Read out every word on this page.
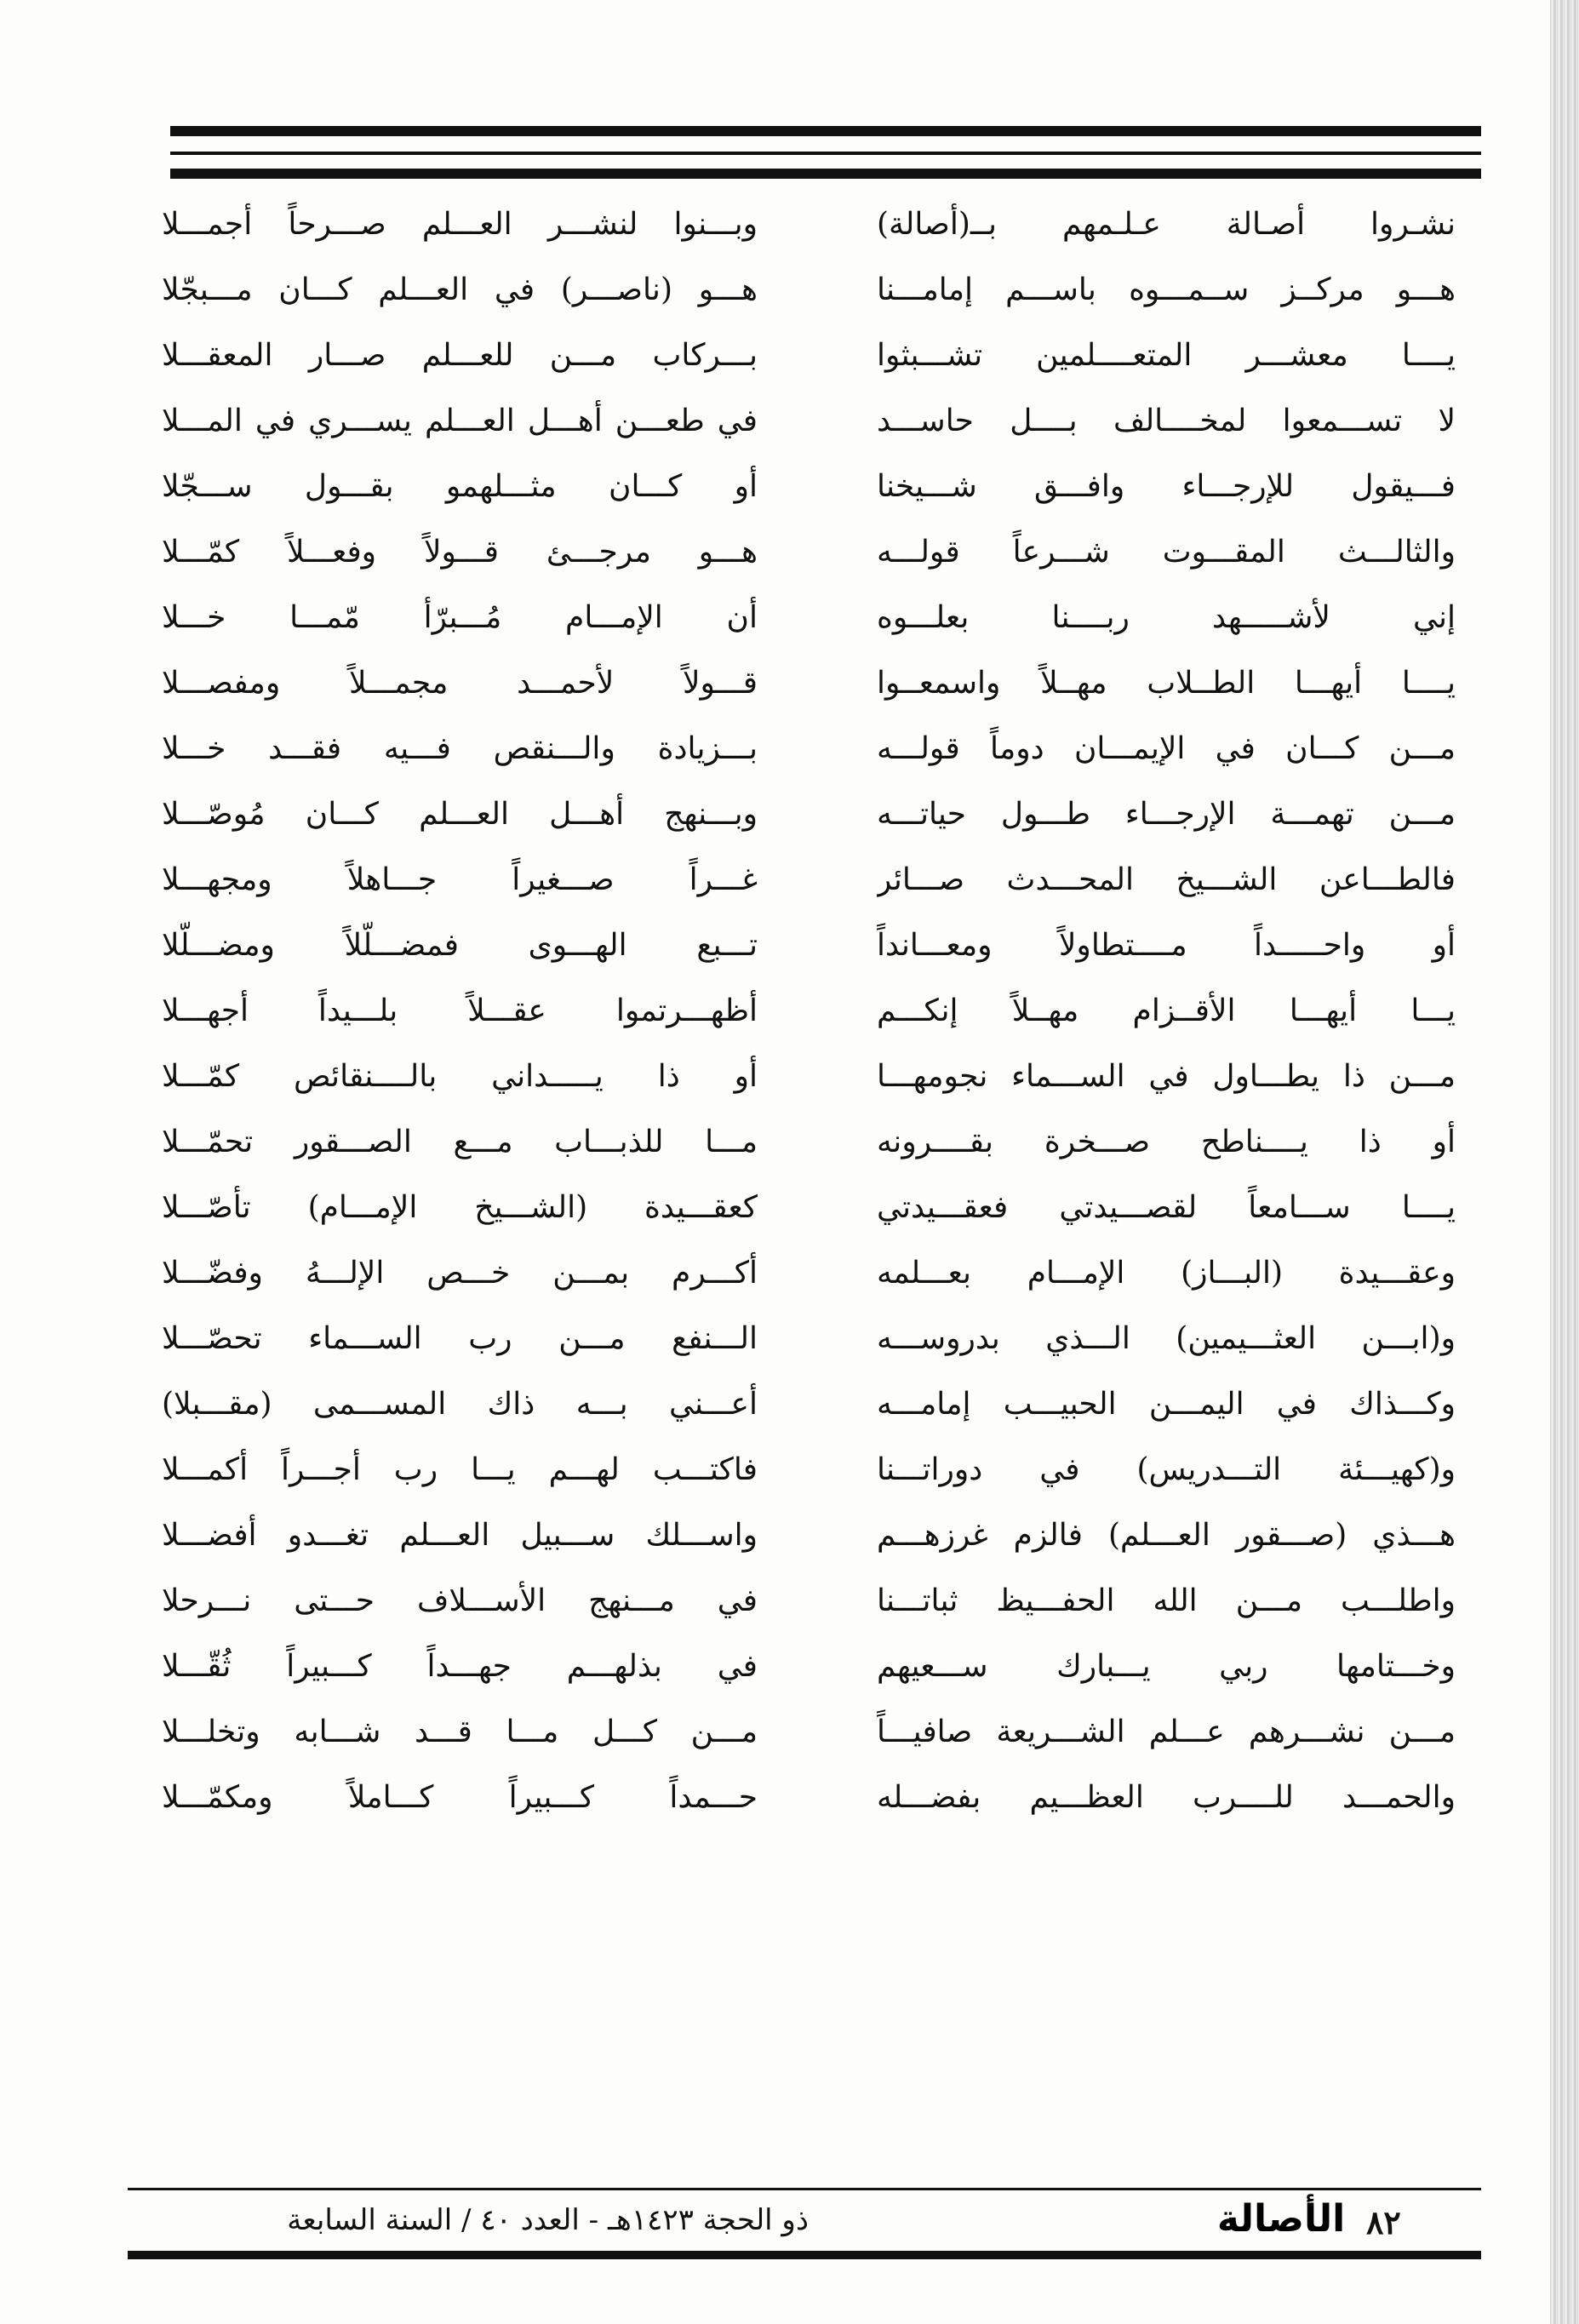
نشـروا أصـالة عـلـمهم بــ(أصالة)
هـــو مركــز ســمـــوه باســـم إمامـــنا
يــــا معشـــر المتعــــلمين تشـــبثوا
لا تســـمعوا لمخــــالف بــــل حاســـد
فـــيقول للإرجـــاء وافـــق شـــيخنا
والثالـــث المقـــوت شـــرعاً قولـــه
إني لأشـــــهد ربــــنا بعلـــوه
يــــا أيهـــا الطــلاب مهــلاً واسمعــوا
مـــن كـــان في الإيمـــان دوماً قولـــه
مـــن تهمـــة الإرجـــاء طـــول حياتـــه
فالطـــاعن الشـــيخ المحـــدث صـــائر
أو واحـــــداً مــــتطاولاً ومعـــانداً
يـــا أيهـــا الأقــزام مهــلاً إنكـــم
مـــن ذا يطـــاول في الســـماء نجومهـــا
أو ذا يــــناطح صـــخرة بقــــرونه
يــــا ســـامعاً لقصـــيدتي فعقـــيدتي
وعقـــيدة (البـــاز) الإمـــام بعـــلمه
و(ابـــن العثـــيمين) الـــذي بدروســـه
وكـــذاك في اليمـــن الحبيـــب إمامـــه
و(كهيـــئة التـــدريس) في دوراتـــنا
هـــذي (صـــقور العـــلم) فالزم غرزهـــم
واطلـــب مـــن الله الحفـــيظ ثباتـــنا
وخـــتامها ربي يـــبارك ســـعيهم
مـــن نشـــرهم عـــلم الشـــريعة صافيـــاً
والحمـــد للــــرب العظـــيم بفضـــله
وبـــنوا لنشـــر العـــلم صـــرحاً أجمـــلا
هـــو (ناصـــر) في العـــلم كـــان مـــبجّلا
بـــركاب مـــن للعـــلم صـــار المعقـــلا
في طعـــن أهـــل العـــلم يســـري في المـــلا
أو كـــان مثـــلهمو بقـــول ســـجّلا
هـــو مرجـــئ قـــولاً وفعـــلاً كمّـــلا
أن الإمـــام مُـــبرّأ مّمـــا خـــلا
قـــولاً لأحمـــد مجمـــلاً ومفصـــلا
بـــزيادة والـــنقص فـــيه فقـــد خـــلا
وبـــنهج أهـــل العـــلم كـــان مُوصّـــلا
غـــراً صـــغيراً جـــاهلاً ومجهـــلا
تـــبع الهـــوى فمضـــلّلاً ومضـــلّلا
أظهـــرتموا عقـــلاً بلـــيداً أجهـــلا
أو ذا يـــــداني بالــــنقائص كمّـــلا
مـــا للذبـــاب مـــع الصـــقور تحمّـــلا
كعقـــيدة (الشـــيخ الإمـــام) تأصّـــلا
أكـــرم بمـــن خـــص الإلـــهُ وفضّـــلا
الـــنفع مـــن رب الســـماء تحصّـــلا
أعـــني بـــه ذاك المســـمى (مقـــبلا)
فاكتـــب لهـــم يـــا رب أجـــراً أكمـــلا
واســـلك ســـبيل العـــلم تغـــدو أفضـــلا
في مـــنهج الأســـلاف حـــتى نـــرحلا
في بذلهـــم جهـــداً كـــبيراً ثُقّـــلا
مـــن كـــل مـــا قـــد شـــابه وتخلـــلا
حـــمداً كـــبيراً كـــاملاً ومكمّـــلا
٨٢
الأصالة
ذو الحجة ١٤٢٣هـ - العدد ٤٠ / السنة السابعة
